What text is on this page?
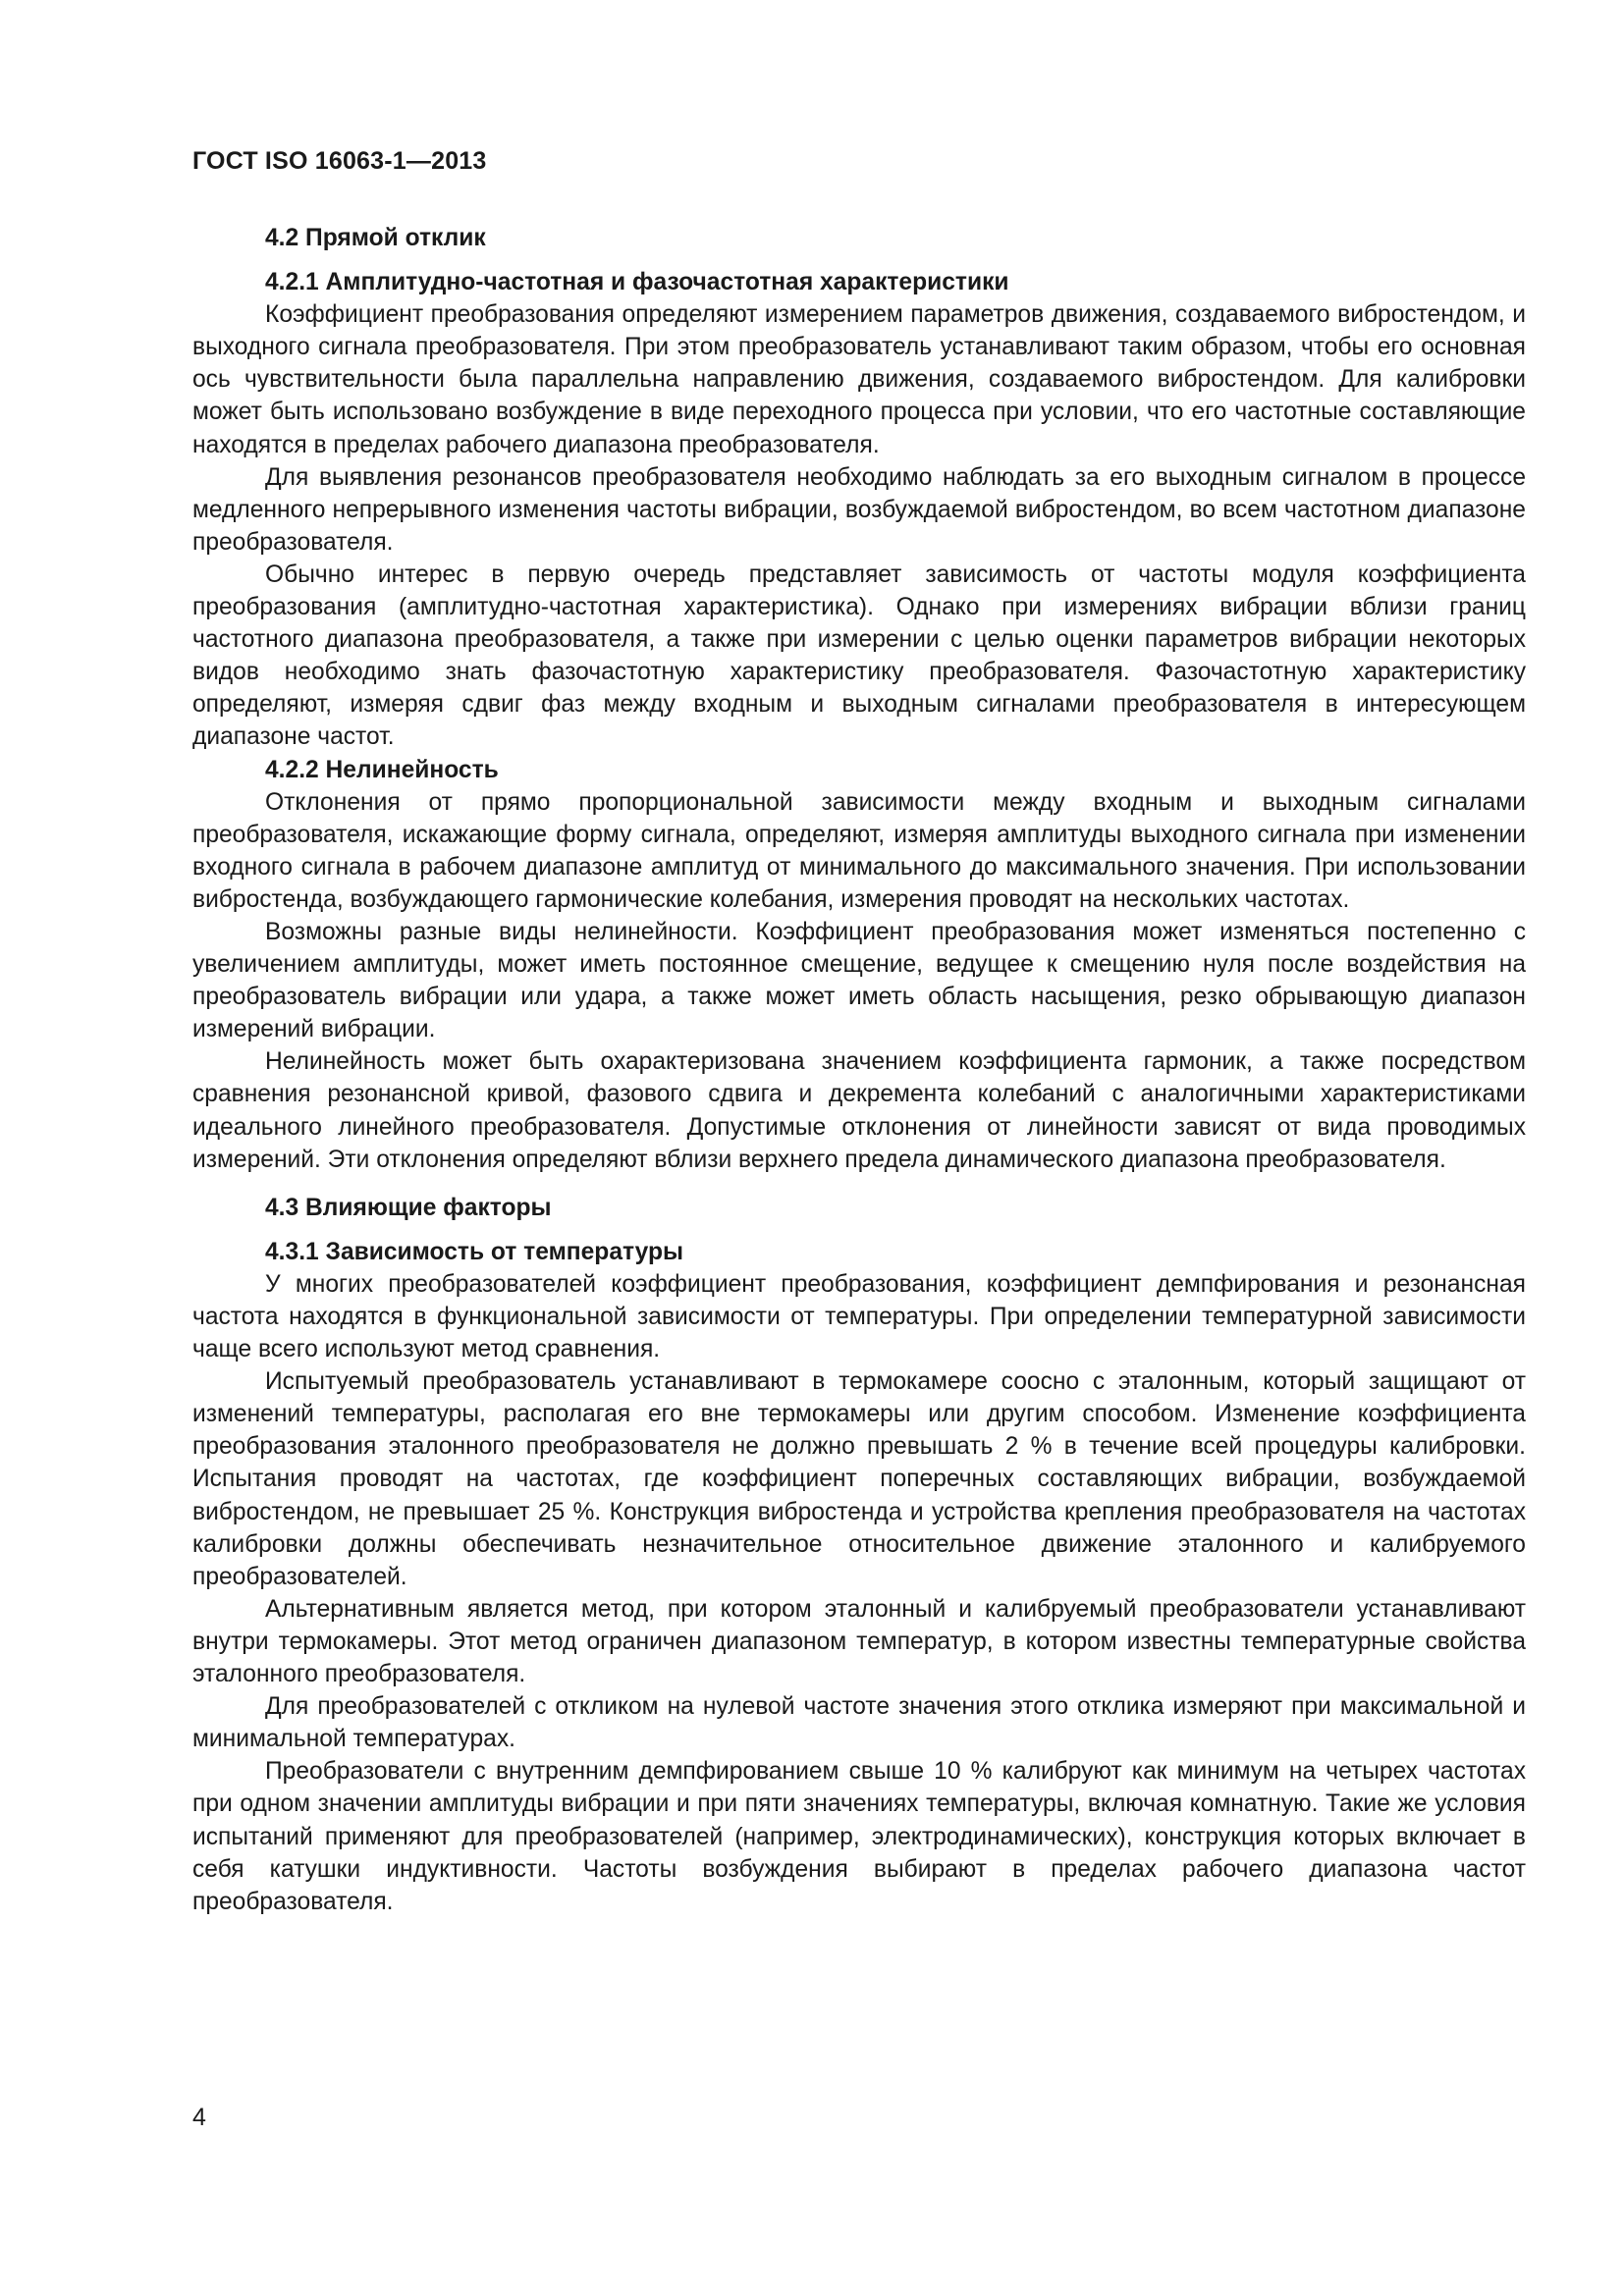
ГОСТ ISO 16063-1—2013
4.2 Прямой отклик
4.2.1 Амплитудно-частотная и фазочастотная характеристики

Коэффициент преобразования определяют измерением параметров движения, создаваемого вибростендом, и выходного сигнала преобразователя. При этом преобразователь устанавливают таким образом, чтобы его основная ось чувствительности была параллельна направлению движения, создаваемого вибростендом. Для калибровки может быть использовано возбуждение в виде переходного процесса при условии, что его частотные составляющие находятся в пределах рабочего диапазона преобразователя.

Для выявления резонансов преобразователя необходимо наблюдать за его выходным сигналом в процессе медленного непрерывного изменения частоты вибрации, возбуждаемой вибростендом, во всем частотном диапазоне преобразователя.

Обычно интерес в первую очередь представляет зависимость от частоты модуля коэффициента преобразования (амплитудно-частотная характеристика). Однако при измерениях вибрации вблизи границ частотного диапазона преобразователя, а также при измерении с целью оценки параметров вибрации некоторых видов необходимо знать фазочастотную характеристику преобразователя. Фазочастотную характеристику определяют, измеряя сдвиг фаз между входным и выходным сигналами преобразователя в интересующем диапазоне частот.

4.2.2 Нелинейность

Отклонения от прямо пропорциональной зависимости между входным и выходным сигналами преобразователя, искажающие форму сигнала, определяют, измеряя амплитуды выходного сигнала при изменении входного сигнала в рабочем диапазоне амплитуд от минимального до максимального значения. При использовании вибростенда, возбуждающего гармонические колебания, измерения проводят на нескольких частотах.

Возможны разные виды нелинейности. Коэффициент преобразования может изменяться постепенно с увеличением амплитуды, может иметь постоянное смещение, ведущее к смещению нуля после воздействия на преобразователь вибрации или удара, а также может иметь область насыщения, резко обрывающую диапазон измерений вибрации.

Нелинейность может быть охарактеризована значением коэффициента гармоник, а также посредством сравнения резонансной кривой, фазового сдвига и декремента колебаний с аналогичными характеристиками идеального линейного преобразователя. Допустимые отклонения от линейности зависят от вида проводимых измерений. Эти отклонения определяют вблизи верхнего предела динамического диапазона преобразователя.

4.3 Влияющие факторы
4.3.1 Зависимость от температуры

У многих преобразователей коэффициент преобразования, коэффициент демпфирования и резонансная частота находятся в функциональной зависимости от температуры. При определении температурной зависимости чаще всего используют метод сравнения.

Испытуемый преобразователь устанавливают в термокамере соосно с эталонным, который защищают от изменений температуры, располагая его вне термокамеры или другим способом. Изменение коэффициента преобразования эталонного преобразователя не должно превышать 2 % в течение всей процедуры калибровки. Испытания проводят на частотах, где коэффициент поперечных составляющих вибрации, возбуждаемой вибростендом, не превышает 25 %. Конструкция вибростенда и устройства крепления преобразователя на частотах калибровки должны обеспечивать незначительное относительное движение эталонного и калибруемого преобразователей.

Альтернативным является метод, при котором эталонный и калибруемый преобразователи устанавливают внутри термокамеры. Этот метод ограничен диапазоном температур, в котором известны температурные свойства эталонного преобразователя.

Для преобразователей с откликом на нулевой частоте значения этого отклика измеряют при максимальной и минимальной температурах.

Преобразователи с внутренним демпфированием свыше 10 % калибруют как минимум на четырех частотах при одном значении амплитуды вибрации и при пяти значениях температуры, включая комнатную. Такие же условия испытаний применяют для преобразователей (например, электродинамических), конструкция которых включает в себя катушки индуктивности. Частоты возбуждения выбирают в пределах рабочего диапазона частот преобразователя.

4
